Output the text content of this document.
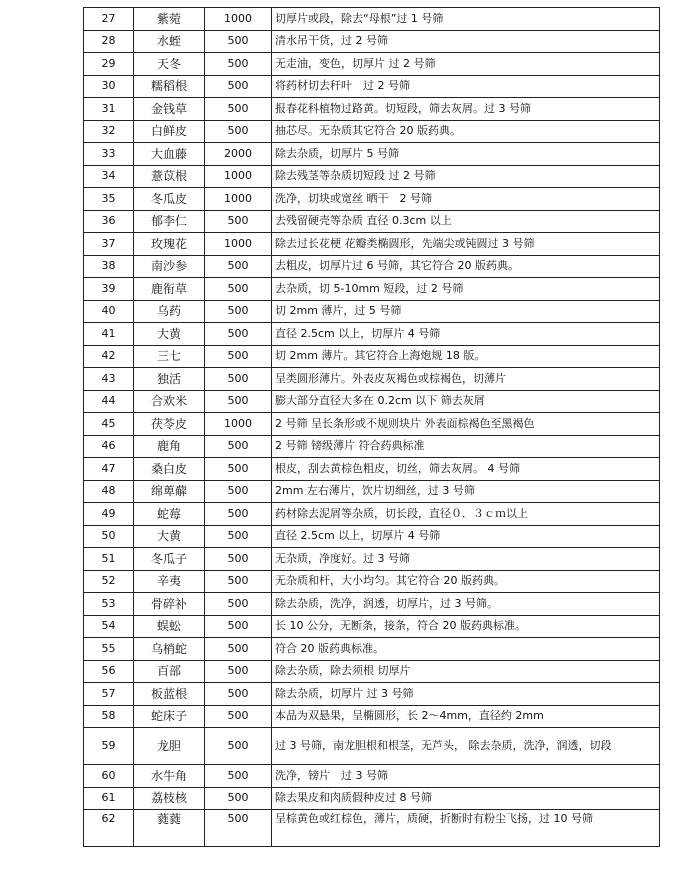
27	紫菀	1000	切厚片或段，除去“母根”过 1 号筛
28	水蛭	500	清水吊干货，过 2 号筛
29	天冬	500	无走油，变色，切厚片 过 2 号筛
30	糯稻根	500	将药材切去秆叶　过 2 号筛
31	金钱草	500	报春花科植物过路黄。切短段，筛去灰屑。过 3 号筛
32	白鲜皮	500	抽芯尽。无杂质其它符合 20 版药典。
33	大血藤	2000	除去杂质，切厚片 5 号筛
34	薏苡根	1000	除去残茎等杂质切短段 过 2 号筛
35	冬瓜皮	1000	洗净，切块或宽丝 晒干　2 号筛
36	郁李仁	500	去残留硬壳等杂质 直径 0.3cm 以上
37	玫瑰花	1000	除去过长花梗 花瓣类椭圆形，先端尖或钝圆过 3 号筛
38	南沙参	500	去粗皮，切厚片过 6 号筛，其它符合 20 版药典。
39	鹿衔草	500	去杂质，切 5-10mm 短段，过 2 号筛
40	乌药	500	切 2mm 薄片，过 5 号筛
41	大黄	500	直径 2.5cm 以上，切厚片 4 号筛
42	三七	500	切 2mm 薄片。其它符合上海炮规 18 版。
43	独活	500	呈类圆形薄片。外表皮灰褐色或棕褐色，切薄片
44	合欢米	500	膨大部分直径大多在 0.2cm 以下 筛去灰屑
45	茯苓皮	1000	2 号筛 呈长条形或不规则块片 外表面棕褐色至黑褐色
46	鹿角	500	2 号筛 镑级薄片 符合药典标准
47	桑白皮	500	根皮，刮去黄棕色粗皮，切丝，筛去灰屑。 4 号筛
48	绵萆薢	500	2mm 左右薄片，饮片切细丝，过 3 号筛
49	蛇莓	500	药材除去泥屑等杂质，切长段，直径０．３ｃｍ以上
50	大黄	500	直径 2.5cm 以上，切厚片 4 号筛
51	冬瓜子	500	无杂质，净度好。过 3 号筛
52	辛夷	500	无杂质和杆，大小均匀。其它符合 20 版药典。
53	骨碎补	500	除去杂质，洗净，润透，切厚片，过 3 号筛。
54	蜈蚣	500	长 10 公分，无断条，接条，符合 20 版药典标准。
55	乌梢蛇	500	符合 20 版药典标准。
56	百部	500	除去杂质，除去须根 切厚片
57	板蓝根	500	除去杂质，切厚片 过 3 号筛
58	蛇床子	500	本品为双悬果，呈椭圆形，长 2～4mm，直径约 2mm
59	龙胆	500	过 3 号筛，南龙胆根和根茎，无芦头， 除去杂质，洗净，润透，切段
60	水牛角	500	洗净，镑片　过 3 号筛
61	荔枝核	500	除去果皮和肉质假种皮过 8 号筛
62	蕤蕤	500	呈棕黄色或红棕色，薄片，质硬，折断时有粉尘飞扬，过 10 号筛
